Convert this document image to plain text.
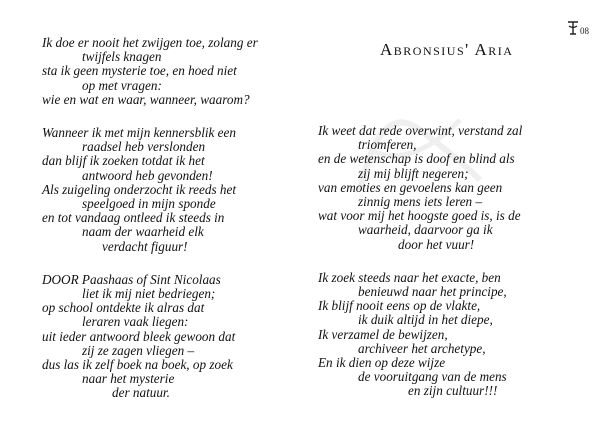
08
Abronsius' Aria
Ik doe er nooit het zwijgen toe, zolang er
twijfels knagen
sta ik geen mysterie toe, en hoed niet
op met vragen:
wie en wat en waar, wanneer, waarom?
Wanneer ik met mijn kennersblik een
raadsel heb verslonden
dan blijf ik zoeken totdat ik het
antwoord heb gevonden!
Als zuigeling onderzocht ik reeds het
speelgoed in mijn sponde
en tot vandaag ontleed ik steeds in
naam der waarheid elk
verdacht figuur!
DOOR Paashaas of Sint Nicolaas
liet ik mij niet bedriegen;
op school ontdekte ik alras dat
leraren vaak liegen:
uit ieder antwoord bleek gewoon dat
zij ze zagen vliegen –
dus las ik zelf boek na boek, op zoek
naar het mysterie
der natuur.
Ik weet dat rede overwint, verstand zal
triomferen,
en de wetenschap is doof en blind als
zij mij blijft negeren;
van emoties en gevoelens kan geen
zinnig mens iets leren –
wat voor mij het hoogste goed is, is de
waarheid, daarvoor ga ik
door het vuur!
Ik zoek steeds naar het exacte, ben
benieuwd naar het principe,
Ik blijf nooit eens op de vlakte,
ik duik altijd in het diepe,
Ik verzamel de bewijzen,
archiveer het archetype,
En ik dien op deze wijze
de vooruitgang van de mens
en zijn cultuur!!!
